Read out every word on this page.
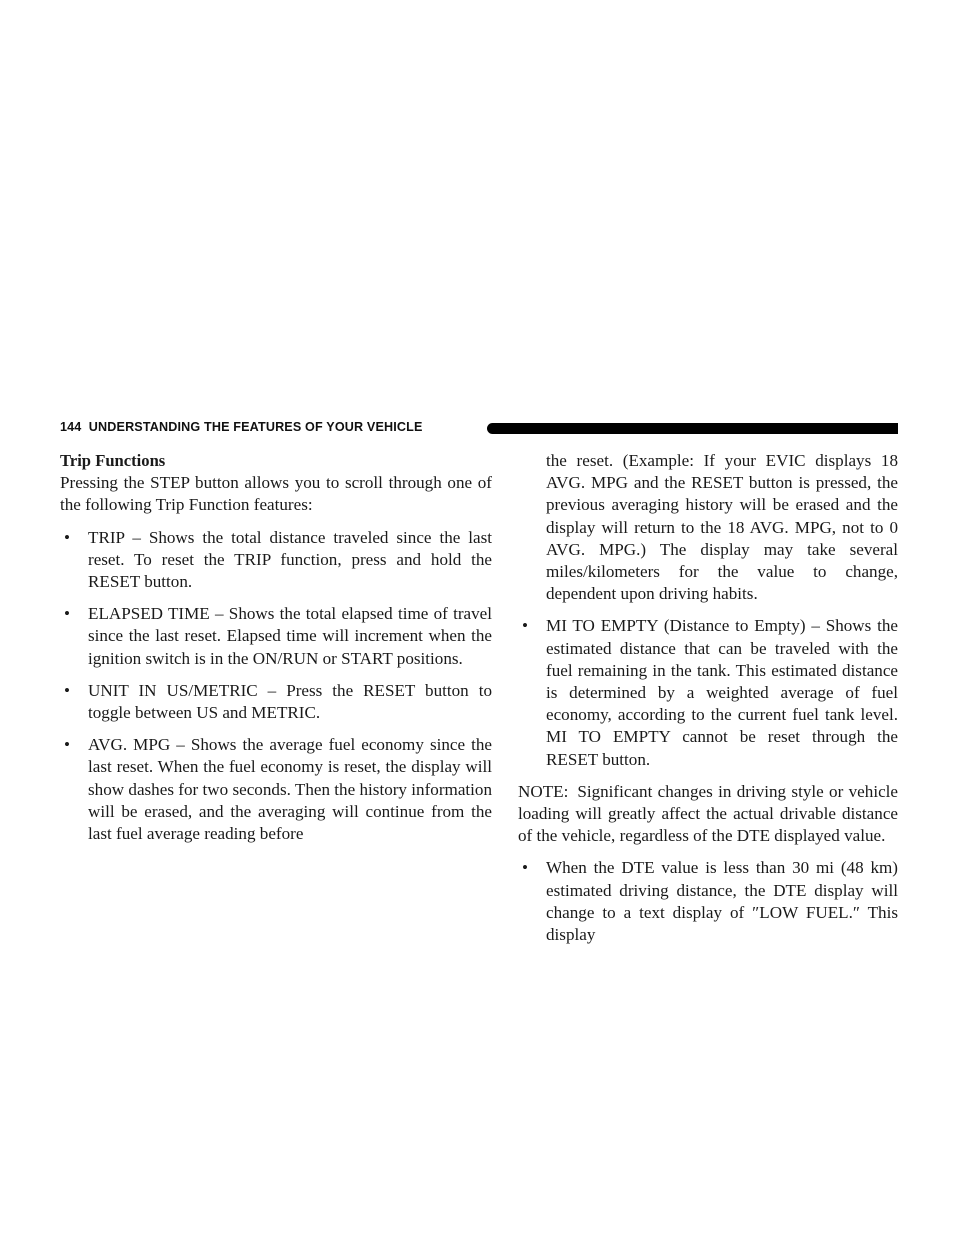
144 UNDERSTANDING THE FEATURES OF YOUR VEHICLE

Trip Functions

Pressing the STEP button allows you to scroll through one of the following Trip Function features:

• TRIP – Shows the total distance traveled since the last reset. To reset the TRIP function, press and hold the RESET button.

• ELAPSED TIME – Shows the total elapsed time of travel since the last reset. Elapsed time will increment when the ignition switch is in the ON/RUN or START positions.

• UNIT IN US/METRIC – Press the RESET button to toggle between US and METRIC.

• AVG. MPG – Shows the average fuel economy since the last reset. When the fuel economy is reset, the display will show dashes for two seconds. Then the history information will be erased, and the averaging will continue from the last fuel average reading before

the reset. (Example: If your EVIC displays 18 AVG. MPG and the RESET button is pressed, the previous averaging history will be erased and the display will return to the 18 AVG. MPG, not to 0 AVG. MPG.) The display may take several miles/kilometers for the value to change, dependent upon driving habits.

• MI TO EMPTY (Distance to Empty) – Shows the estimated distance that can be traveled with the fuel remaining in the tank. This estimated distance is determined by a weighted average of fuel economy, according to the current fuel tank level. MI TO EMPTY cannot be reset through the RESET button.

NOTE: Significant changes in driving style or vehicle loading will greatly affect the actual drivable distance of the vehicle, regardless of the DTE displayed value.

• When the DTE value is less than 30 mi (48 km) estimated driving distance, the DTE display will change to a text display of ″LOW FUEL.″ This display
